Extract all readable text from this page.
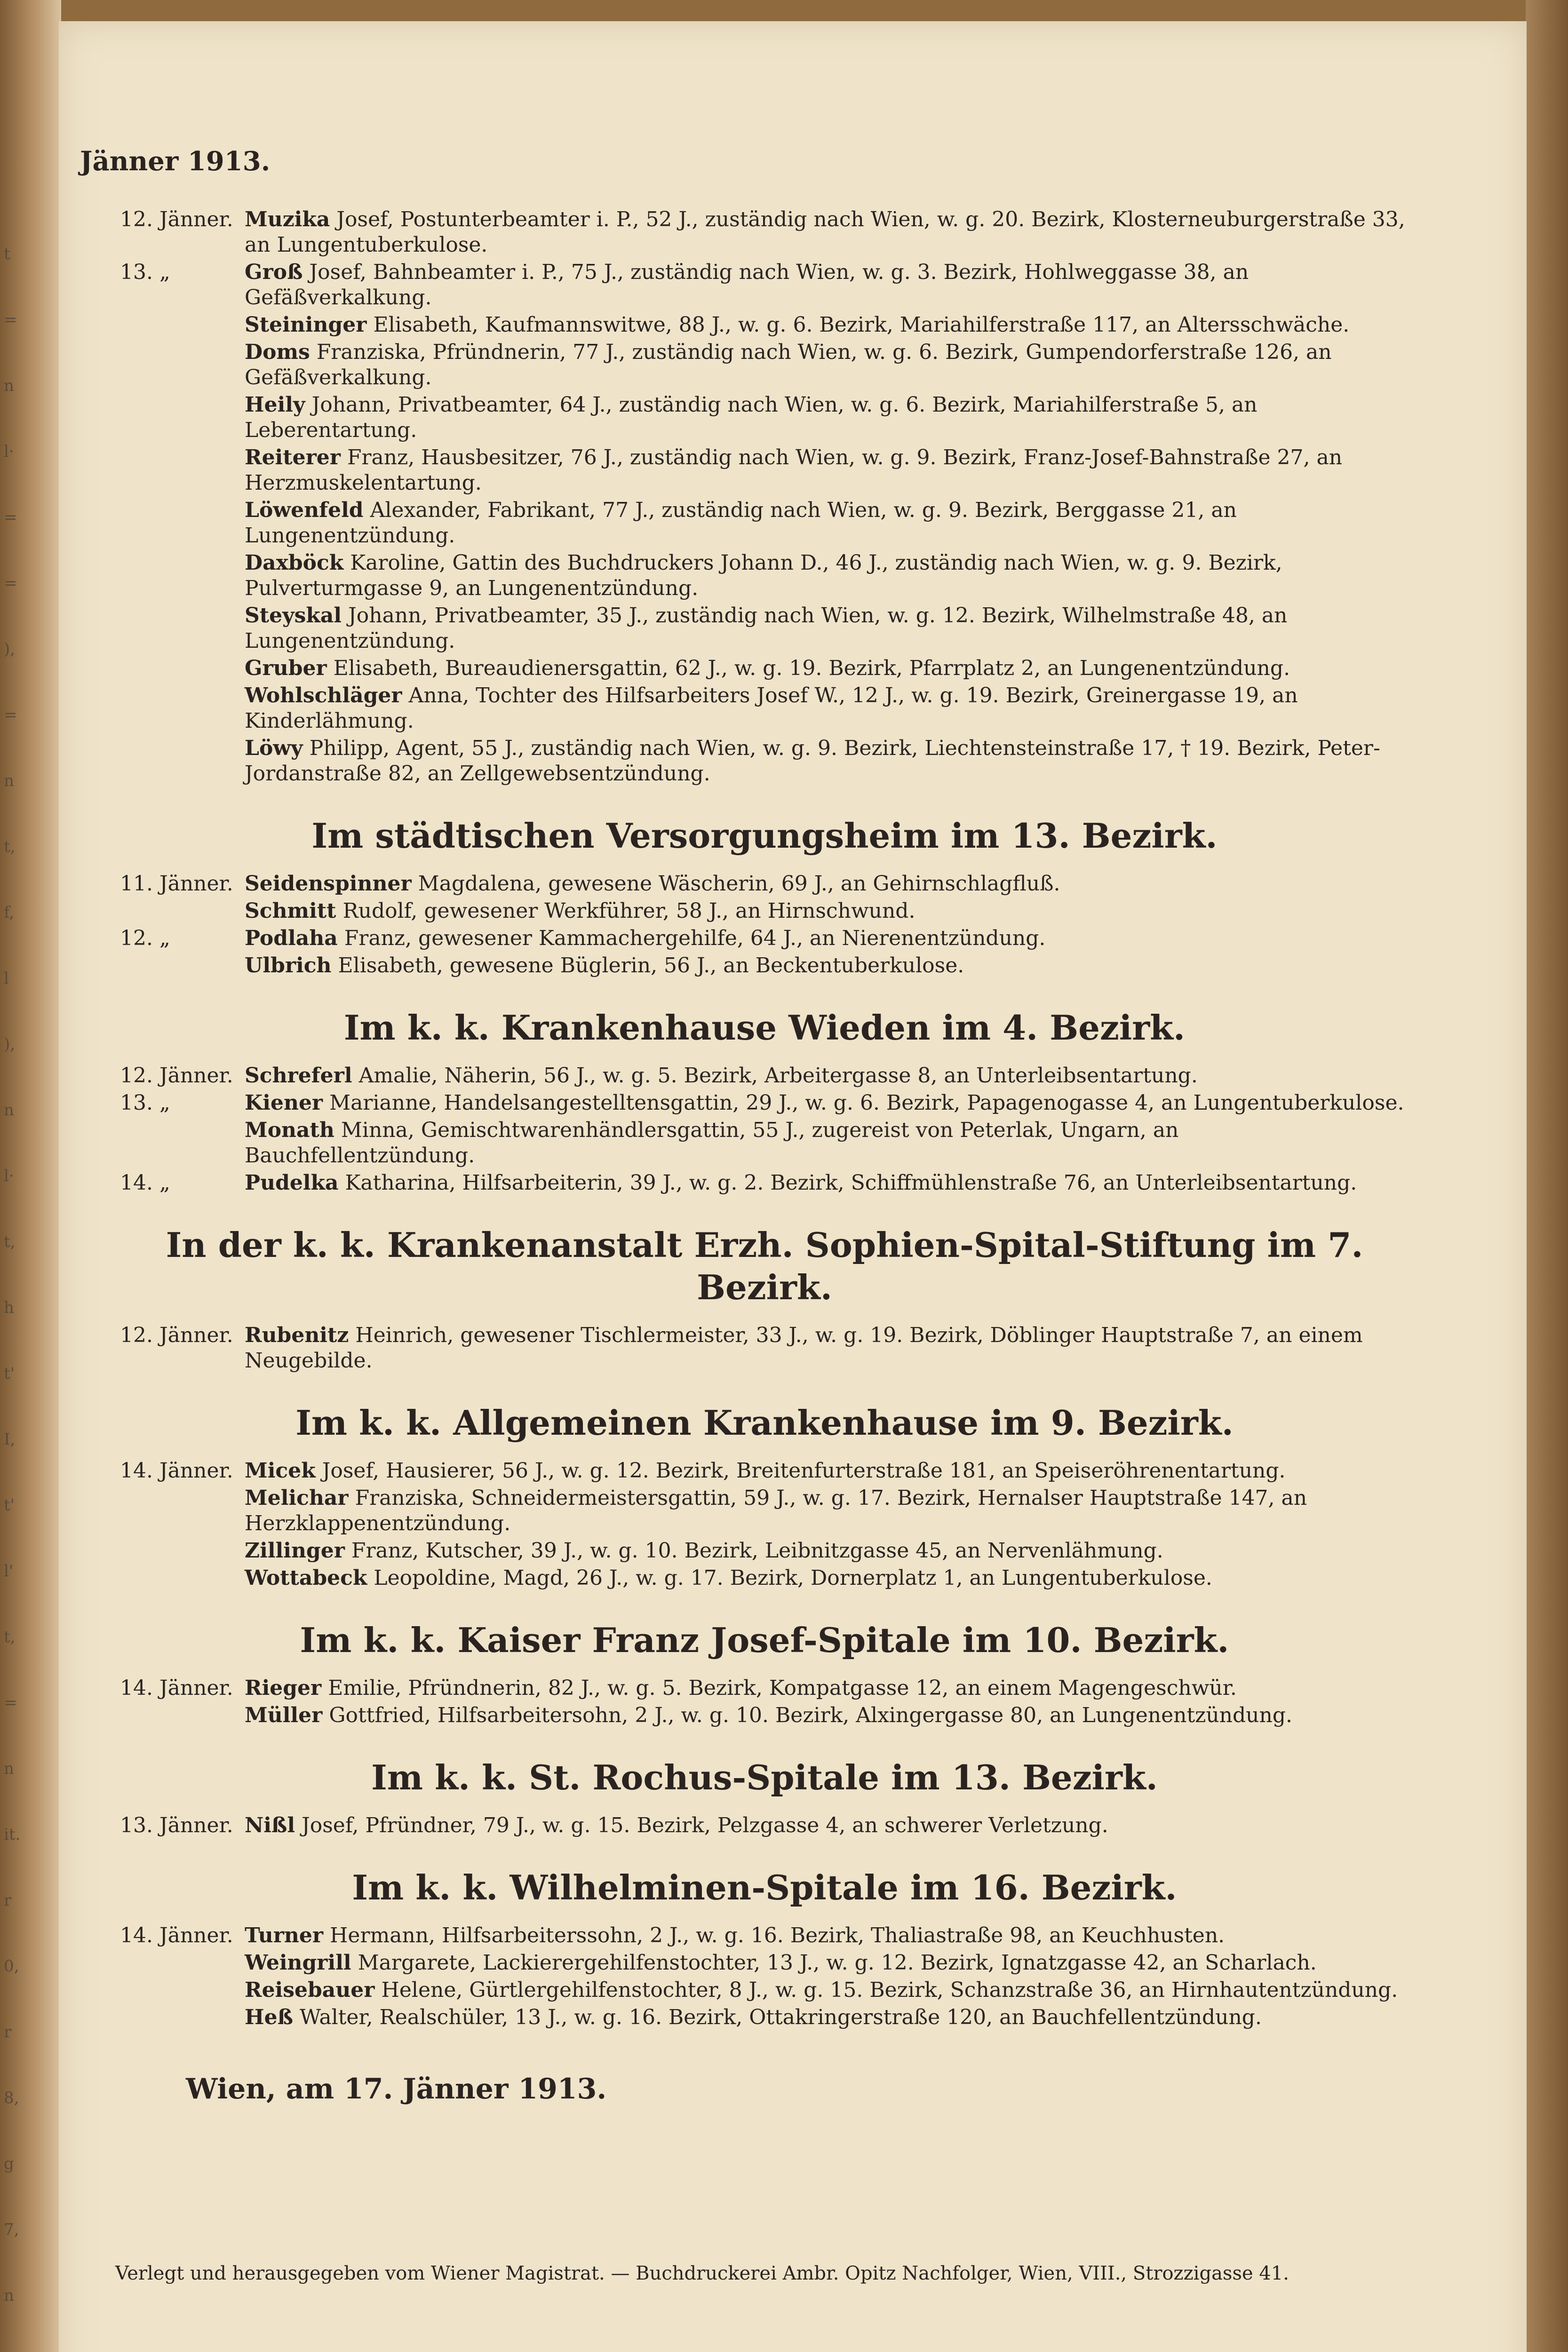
t
=
n
l·
=
=
),
=
n
t,
f,
l
),
n
l·
t,
h
t'
I,
t'
l'
t,
=
n
it.
r
0,
r
8,
g
7,
n
Jänner 1913.
12. Jänner. Muzika Josef, Postunterbeamter i. P., 52 J., zuständig nach Wien, w. g. 20. Bezirk, Klosterneuburgerstraße 33, an Lungentuberkulose.
13. „	Groß Josef, Bahnbeamter i. P., 75 J., zuständig nach Wien, w. g. 3. Bezirk, Hohlweggasse 38, an Gefäßverkalkung.
Steininger Elisabeth, Kaufmannswitwe, 88 J., w. g. 6. Bezirk, Mariahilferstraße 117, an Altersschwäche.
Doms Franziska, Pfründnerin, 77 J., zuständig nach Wien, w. g. 6. Bezirk, Gumpendorferstraße 126, an Gefäßverkalkung.
Heily Johann, Privatbeamter, 64 J., zuständig nach Wien, w. g. 6. Bezirk, Mariahilferstraße 5, an Leberentartung.
Reiterer Franz, Hausbesitzer, 76 J., zuständig nach Wien, w. g. 9. Bezirk, Franz-Josef-Bahnstraße 27, an Herzmuskelentartung.
Löwenfeld Alexander, Fabrikant, 77 J., zuständig nach Wien, w. g. 9. Bezirk, Berggasse 21, an Lungenentzündung.
Daxböck Karoline, Gattin des Buchdruckers Johann D., 46 J., zuständig nach Wien, w. g. 9. Bezirk, Pulverturmgasse 9, an Lungenentzündung.
Steyskal Johann, Privatbeamter, 35 J., zuständig nach Wien, w. g. 12. Bezirk, Wilhelmstraße 48, an Lungenentzündung.
Gruber Elisabeth, Bureaudienersgattin, 62 J., w. g. 19. Bezirk, Pfarrplatz 2, an Lungenentzündung.
Wohlschläger Anna, Tochter des Hilfsarbeiters Josef W., 12 J., w. g. 19. Bezirk, Greinergasse 19, an Kinderlähmung.
Löwy Philipp, Agent, 55 J., zuständig nach Wien, w. g. 9. Bezirk, Liechtensteinstraße 17, † 19. Bezirk, Peter-Jordanstraße 82, an Zellgewebsentzündung.
Im städtischen Versorgungsheim im 13. Bezirk.
11. Jänner. Seidenspinner Magdalena, gewesene Wäscherin, 69 J., an Gehirnschlagfluß.
Schmitt Rudolf, gewesener Werkführer, 58 J., an Hirnschwund.
12. „	Podlaha Franz, gewesener Kammachergehilfe, 64 J., an Nierenentzündung.
Ulbrich Elisabeth, gewesene Büglerin, 56 J., an Beckentuberkulose.
Im k. k. Krankenhause Wieden im 4. Bezirk.
12. Jänner. Schreferl Amalie, Näherin, 56 J., w. g. 5. Bezirk, Arbeitergasse 8, an Unterleibsentartung.
13. „	Kiener Marianne, Handelsangestelltensgattin, 29 J., w. g. 6. Bezirk, Papagenogasse 4, an Lungentuberkulose.
Monath Minna, Gemischtwarenhändlersgattin, 55 J., zugereist von Peterlak, Ungarn, an Bauchfellentzündung.
14. „	Pudelka Katharina, Hilfsarbeiterin, 39 J., w. g. 2. Bezirk, Schiffmühlenstraße 76, an Unterleibsentartung.
In der k. k. Krankenanstalt Erzh. Sophien-Spital-Stiftung im 7. Bezirk.
12. Jänner. Rubenitz Heinrich, gewesener Tischlermeister, 33 J., w. g. 19. Bezirk, Döblinger Hauptstraße 7, an einem Neugebilde.
Im k. k. Allgemeinen Krankenhause im 9. Bezirk.
14. Jänner. Micek Josef, Hausierer, 56 J., w. g. 12. Bezirk, Breitenfurterstraße 181, an Speiseröhrenentartung.
Melichar Franziska, Schneidermeistersgattin, 59 J., w. g. 17. Bezirk, Hernalser Hauptstraße 147, an Herzklappenentzündung.
Zillinger Franz, Kutscher, 39 J., w. g. 10. Bezirk, Leibnitzgasse 45, an Nervenlähmung.
Wottabeck Leopoldine, Magd, 26 J., w. g. 17. Bezirk, Dornerplatz 1, an Lungentuberkulose.
Im k. k. Kaiser Franz Josef-Spitale im 10. Bezirk.
14. Jänner. Rieger Emilie, Pfründnerin, 82 J., w. g. 5. Bezirk, Kompatgasse 12, an einem Magengeschwür.
Müller Gottfried, Hilfsarbeitersohn, 2 J., w. g. 10. Bezirk, Alxingergasse 80, an Lungenentzündung.
Im k. k. St. Rochus-Spitale im 13. Bezirk.
13. Jänner. Nißl Josef, Pfründner, 79 J., w. g. 15. Bezirk, Pelzgasse 4, an schwerer Verletzung.
Im k. k. Wilhelminen-Spitale im 16. Bezirk.
14. Jänner. Turner Hermann, Hilfsarbeiterssohn, 2 J., w. g. 16. Bezirk, Thaliastraße 98, an Keuchhusten.
Weingrill Margarete, Lackierergehilfenstochter, 13 J., w. g. 12. Bezirk, Ignatzgasse 42, an Scharlach.
Reisebauer Helene, Gürtlergehilfenstochter, 8 J., w. g. 15. Bezirk, Schanzstraße 36, an Hirnhautentzündung.
Heß Walter, Realschüler, 13 J., w. g. 16. Bezirk, Ottakringerstraße 120, an Bauchfellentzündung.
Wien, am 17. Jänner 1913.
Verlegt und herausgegeben vom Wiener Magistrat. — Buchdruckerei Ambr. Opitz Nachfolger, Wien, VIII., Strozzigasse 41.
